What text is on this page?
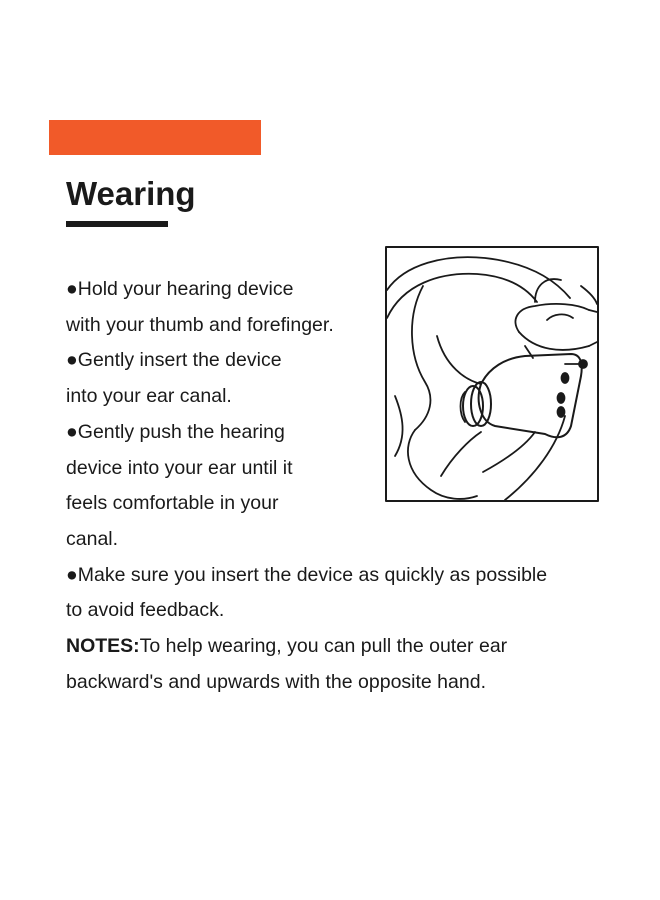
Wearing
●Hold your hearing device
with your thumb and forefinger.
●Gently insert the device
into your ear canal.
●Gently push the hearing
device into your ear until it
feels comfortable in your
canal.
●Make sure you insert the device as quickly as possible
to avoid feedback.
NOTES:To help wearing, you can pull the outer ear
backward's and upwards with the opposite hand.
